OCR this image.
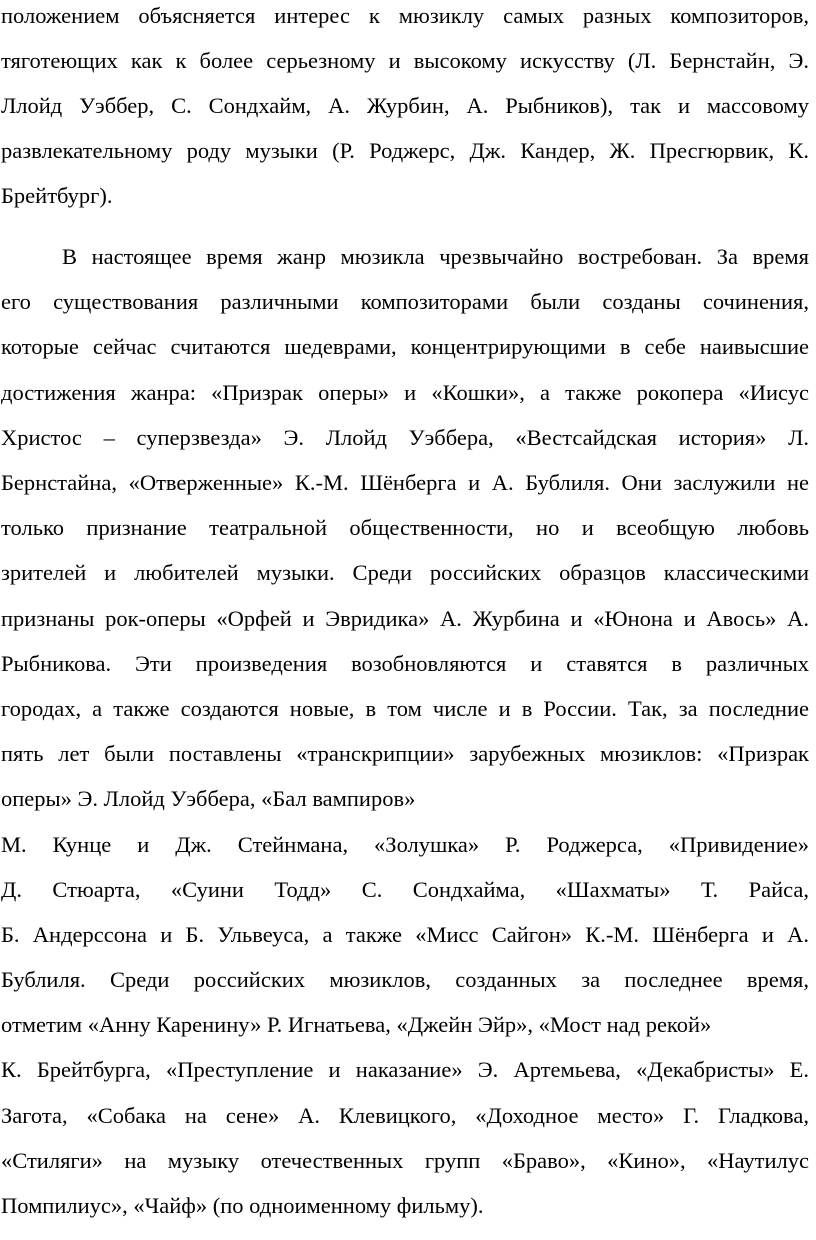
положением объясняется интерес к мюзиклу самых разных композиторов,
тяготеющих как к более серьезному и высокому искусству (Л. Бернстайн, Э.
Ллойд Уэббер, С. Сондхайм, А. Журбин, А. Рыбников), так и массовому
развлекательному роду музыки (Р. Роджерс, Дж. Кандер, Ж. Пресгюрвик, К.
Брейтбург).
В настоящее время жанр мюзикла чрезвычайно востребован. За время
его существования различными композиторами были созданы сочинения,
которые сейчас считаются шедеврами, концентрирующими в себе наивысшие
достижения жанра: «Призрак оперы» и «Кошки», а также рокопера «Иисус
Христос – суперзвезда» Э. Ллойд Уэббера, «Вестсайдская история» Л.
Бернстайна, «Отверженные» К.-М. Шёнберга и А. Бублиля. Они заслужили не
только признание театральной общественности, но и всеобщую любовь
зрителей и любителей музыки. Среди российских образцов классическими
признаны рок-оперы «Орфей и Эвридика» А. Журбина и «Юнона и Авось» А.
Рыбникова. Эти произведения возобновляются и ставятся в различных
городах, а также создаются новые, в том числе и в России. Так, за последние
пять лет были поставлены «транскрипции» зарубежных мюзиклов: «Призрак
оперы» Э. Ллойд Уэббера, «Бал вампиров»
М. Кунце и Дж. Стейнмана, «Золушка» Р. Роджерса, «Привидение»
Д. Стюарта, «Суини Тодд» С. Сондхайма, «Шахматы» Т. Райса,
Б. Андерссона и Б. Ульвеуса, а также «Мисс Сайгон» К.-М. Шёнберга и А.
Бублиля. Среди российских мюзиклов, созданных за последнее время,
отметим «Анну Каренину» Р. Игнатьева, «Джейн Эйр», «Мост над рекой»
К. Брейтбурга, «Преступление и наказание» Э. Артемьева, «Декабристы» Е.
Загота, «Собака на сене» А. Клевицкого, «Доходное место» Г. Гладкова,
«Стиляги» на музыку отечественных групп «Браво», «Кино», «Наутилус
Помпилиус», «Чайф» (по одноименному фильму).
